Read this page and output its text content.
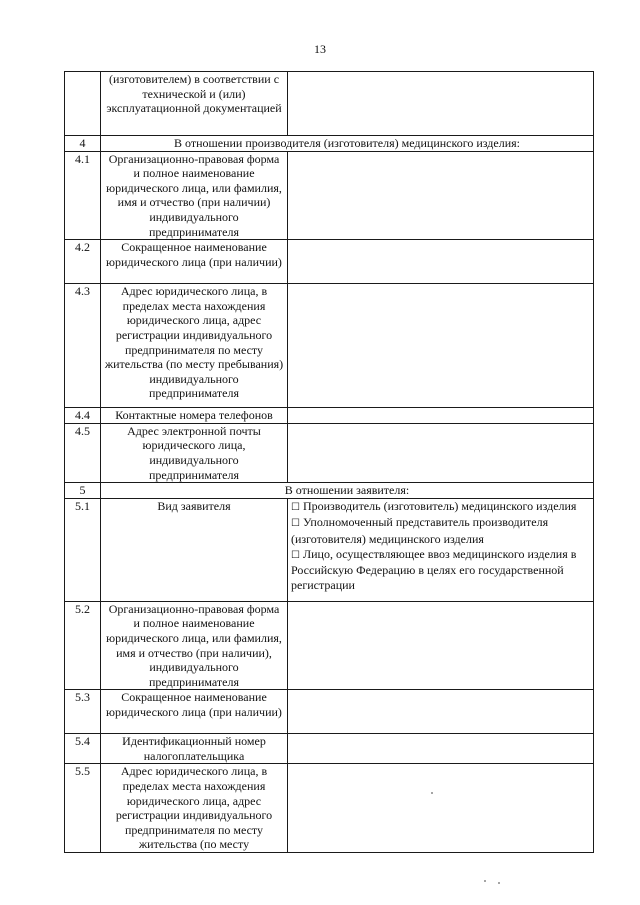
13
	(изготовителем) в соответствии с технической и (или) эксплуатационной документацией	
4	В отношении производителя (изготовителя) медицинского изделия:	
4.1	Организационно-правовая форма и полное наименование юридического лица, или фамилия, имя и отчество (при наличии) индивидуального предпринимателя	
4.2	Сокращенное наименование юридического лица (при наличии)	
4.3	Адрес юридического лица, в пределах места нахождения юридического лица, адрес регистрации индивидуального предпринимателя по месту жительства (по месту пребывания) индивидуального предпринимателя	
4.4	Контактные номера телефонов	
4.5	Адрес электронной почты юридического лица, индивидуального предпринимателя	
5	В отношении заявителя:	
5.1	Вид заявителя	☐ Производитель (изготовитель) медицинского изделия
☐ Уполномоченный представитель производителя (изготовителя) медицинского изделия
☐ Лицо, осуществляющее ввоз медицинского изделия в Российскую Федерацию в целях его государственной регистрации

5.2	Организационно-правовая форма и полное наименование юридического лица, или фамилия, имя и отчество (при наличии), индивидуального предпринимателя	
5.3	Сокращенное наименование юридического лица (при наличии)	
5.4	Идентификационный номер налогоплательщика	
5.5	Адрес юридического лица, в пределах места нахождения юридического лица, адрес регистрации индивидуального предпринимателя по месту жительства (по месту	
